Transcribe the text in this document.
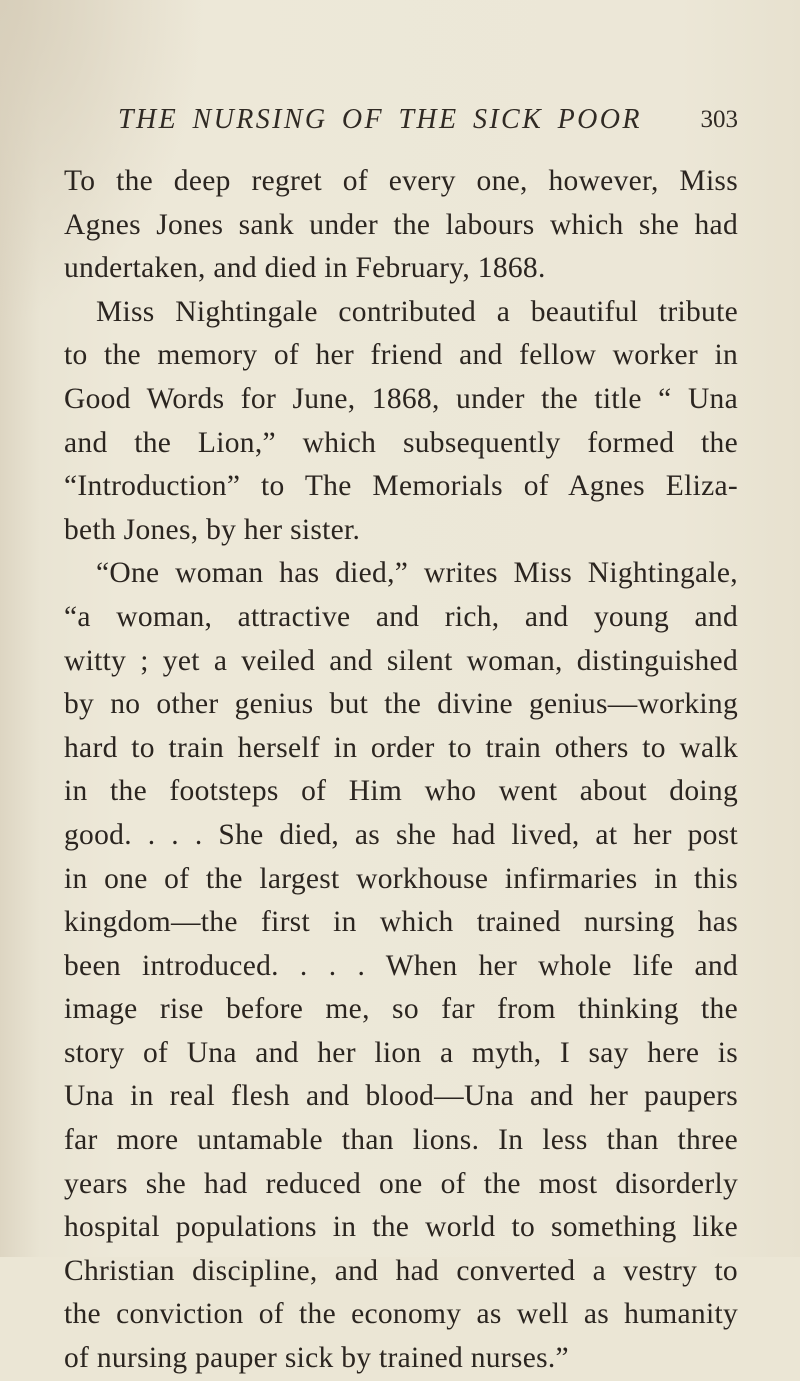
THE NURSING OF THE SICK POOR 303
To the deep regret of every one, however, Miss
Agnes Jones sank under the labours which she had
undertaken, and died in February, 1868.
Miss Nightingale contributed a beautiful tribute
to the memory of her friend and fellow worker in
Good Words for June, 1868, under the title “ Una
and the Lion,” which subsequently formed the
“Introduction” to The Memorials of Agnes Eliza-
beth Jones, by her sister.
“One woman has died,” writes Miss Nightingale,
“a woman, attractive and rich, and young and
witty ; yet a veiled and silent woman, distinguished
by no other genius but the divine genius—working
hard to train herself in order to train others to walk
in the footsteps of Him who went about doing
good. . . . She died, as she had lived, at her post
in one of the largest workhouse infirmaries in this
kingdom—the first in which trained nursing has
been introduced. . . . When her whole life and
image rise before me, so far from thinking the
story of Una and her lion a myth, I say here is
Una in real flesh and blood—Una and her paupers
far more untamable than lions. In less than three
years she had reduced one of the most disorderly
hospital populations in the world to something like
Christian discipline, and had converted a vestry to
the conviction of the economy as well as humanity
of nursing pauper sick by trained nurses.”
